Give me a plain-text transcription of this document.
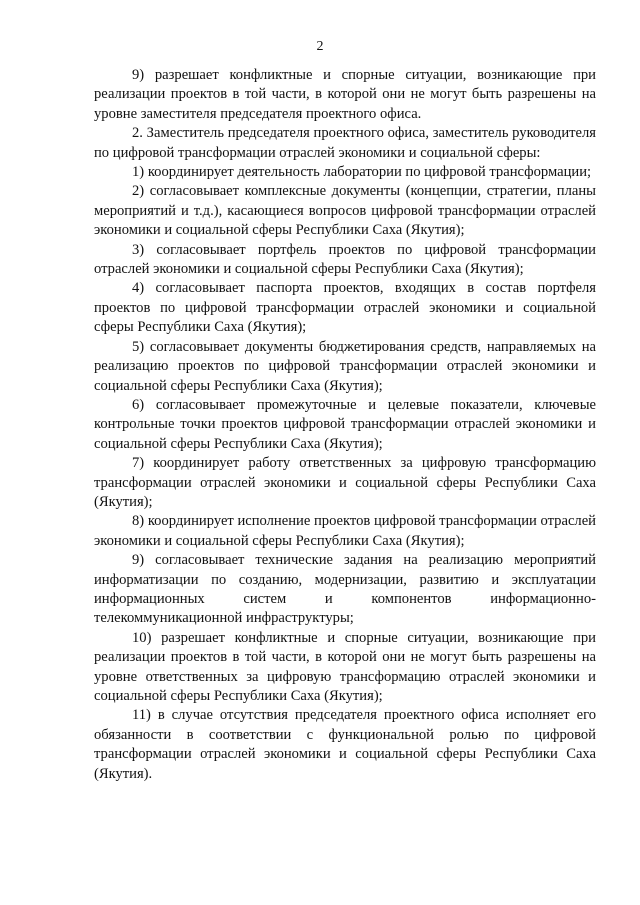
2

9) разрешает конфликтные и спорные ситуации, возникающие при реализации проектов в той части, в которой они не могут быть разрешены на уровне заместителя председателя проектного офиса.

2. Заместитель председателя проектного офиса, заместитель руководителя по цифровой трансформации отраслей экономики и социальной сферы:

1) координирует деятельность лаборатории по цифровой трансформации;

2) согласовывает комплексные документы (концепции, стратегии, планы мероприятий и т.д.), касающиеся вопросов цифровой трансформации отраслей экономики и социальной сферы Республики Саха (Якутия);

3) согласовывает портфель проектов по цифровой трансформации отраслей экономики и социальной сферы Республики Саха (Якутия);

4) согласовывает паспорта проектов, входящих в состав портфеля проектов по цифровой трансформации отраслей экономики и социальной сферы Республики Саха (Якутия);

5) согласовывает документы бюджетирования средств, направляемых на реализацию проектов по цифровой трансформации отраслей экономики и социальной сферы Республики Саха (Якутия);

6) согласовывает промежуточные и целевые показатели, ключевые контрольные точки проектов цифровой трансформации отраслей экономики и социальной сферы Республики Саха (Якутия);

7) координирует работу ответственных за цифровую трансформацию трансформации отраслей экономики и социальной сферы Республики Саха (Якутия);

8) координирует исполнение проектов цифровой трансформации отраслей экономики и социальной сферы Республики Саха (Якутия);

9) согласовывает технические задания на реализацию мероприятий информатизации по созданию, модернизации, развитию и эксплуатации информационных систем и компонентов информационно-телекоммуникационной инфраструктуры;

10) разрешает конфликтные и спорные ситуации, возникающие при реализации проектов в той части, в которой они не могут быть разрешены на уровне ответственных за цифровую трансформацию отраслей экономики и социальной сферы Республики Саха (Якутия);

11) в случае отсутствия председателя проектного офиса исполняет его обязанности в соответствии с функциональной ролью по цифровой трансформации отраслей экономики и социальной сферы Республики Саха (Якутия).
